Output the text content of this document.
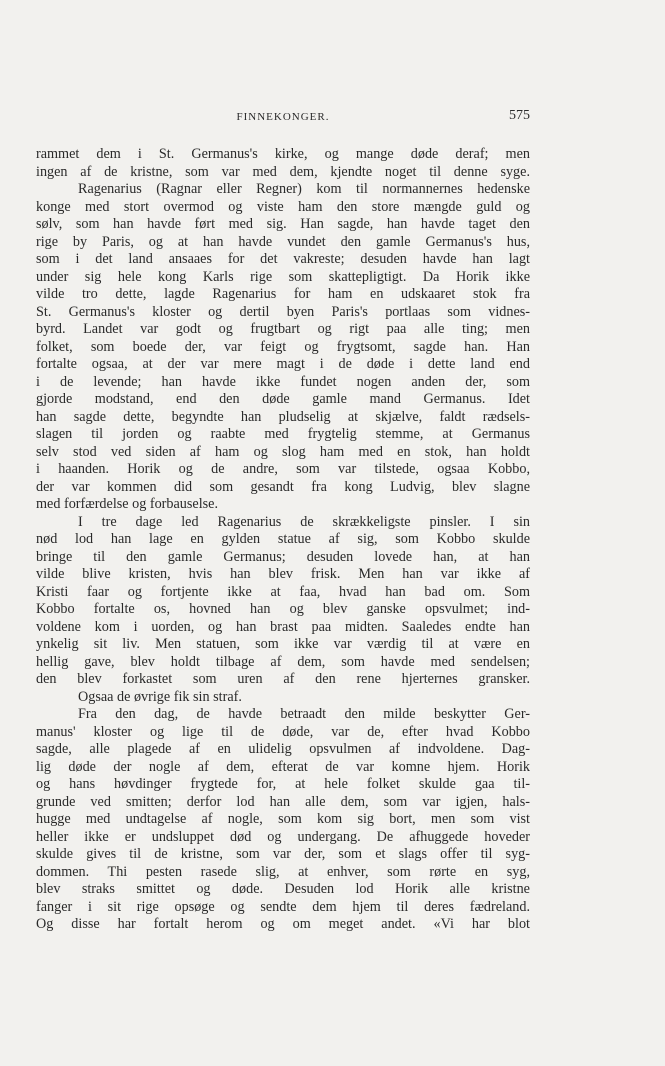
FINNEKONGER.	575
rammet dem i St. Germanus's kirke, og mange døde deraf; men
ingen af de kristne, som var med dem, kjendte noget til denne syge.
Ragenarius (Ragnar eller Regner) kom til normannernes hedenske
konge med stort overmod og viste ham den store mængde guld og
sølv, som han havde ført med sig. Han sagde, han havde taget den
rige by Paris, og at han havde vundet den gamle Germanus's hus,
som i det land ansaaes for det vakreste; desuden havde han lagt
under sig hele kong Karls rige som skattepligtigt. Da Horik ikke
vilde tro dette, lagde Ragenarius for ham en udskaaret stok fra
St. Germanus's kloster og dertil byen Paris's portlaas som vidnes-
byrd. Landet var godt og frugtbart og rigt paa alle ting; men
folket, som boede der, var feigt og frygtsomt, sagde han. Han
fortalte ogsaa, at der var mere magt i de døde i dette land end
i de levende; han havde ikke fundet nogen anden der, som
gjorde modstand, end den døde gamle mand Germanus. Idet
han sagde dette, begyndte han pludselig at skjælve, faldt rædsels-
slagen til jorden og raabte med frygtelig stemme, at Germanus
selv stod ved siden af ham og slog ham med en stok, han holdt
i haanden. Horik og de andre, som var tilstede, ogsaa Kobbo,
der var kommen did som gesandt fra kong Ludvig, blev slagne
med forfærdelse og forbauselse.
I tre dage led Ragenarius de skrækkeligste pinsler. I sin
nød lod han lage en gylden statue af sig, som Kobbo skulde
bringe til den gamle Germanus; desuden lovede han, at han
vilde blive kristen, hvis han blev frisk. Men han var ikke af
Kristi faar og fortjente ikke at faa, hvad han bad om. Som
Kobbo fortalte os, hovned han og blev ganske opsvulmet; ind-
voldene kom i uorden, og han brast paa midten. Saaledes endte han
ynkelig sit liv. Men statuen, som ikke var værdig til at være en
hellig gave, blev holdt tilbage af dem, som havde med sendelsen;
den blev forkastet som uren af den rene hjerternes gransker.
Ogsaa de øvrige fik sin straf.
Fra den dag, de havde betraadt den milde beskytter Ger-
manus' kloster og lige til de døde, var de, efter hvad Kobbo
sagde, alle plagede af en ulidelig opsvulmen af indvoldene. Dag-
lig døde der nogle af dem, efterat de var komne hjem. Horik
og hans høvdinger frygtede for, at hele folket skulde gaa til-
grunde ved smitten; derfor lod han alle dem, som var igjen, hals-
hugge med undtagelse af nogle, som kom sig bort, men som vist
heller ikke er undsluppet død og undergang. De afhuggede hoveder
skulde gives til de kristne, som var der, som et slags offer til syg-
dommen. Thi pesten rasede slig, at enhver, som rørte en syg,
blev straks smittet og døde. Desuden lod Horik alle kristne
fanger i sit rige opsøge og sendte dem hjem til deres fædreland.
Og disse har fortalt herom og om meget andet. «Vi har blot
